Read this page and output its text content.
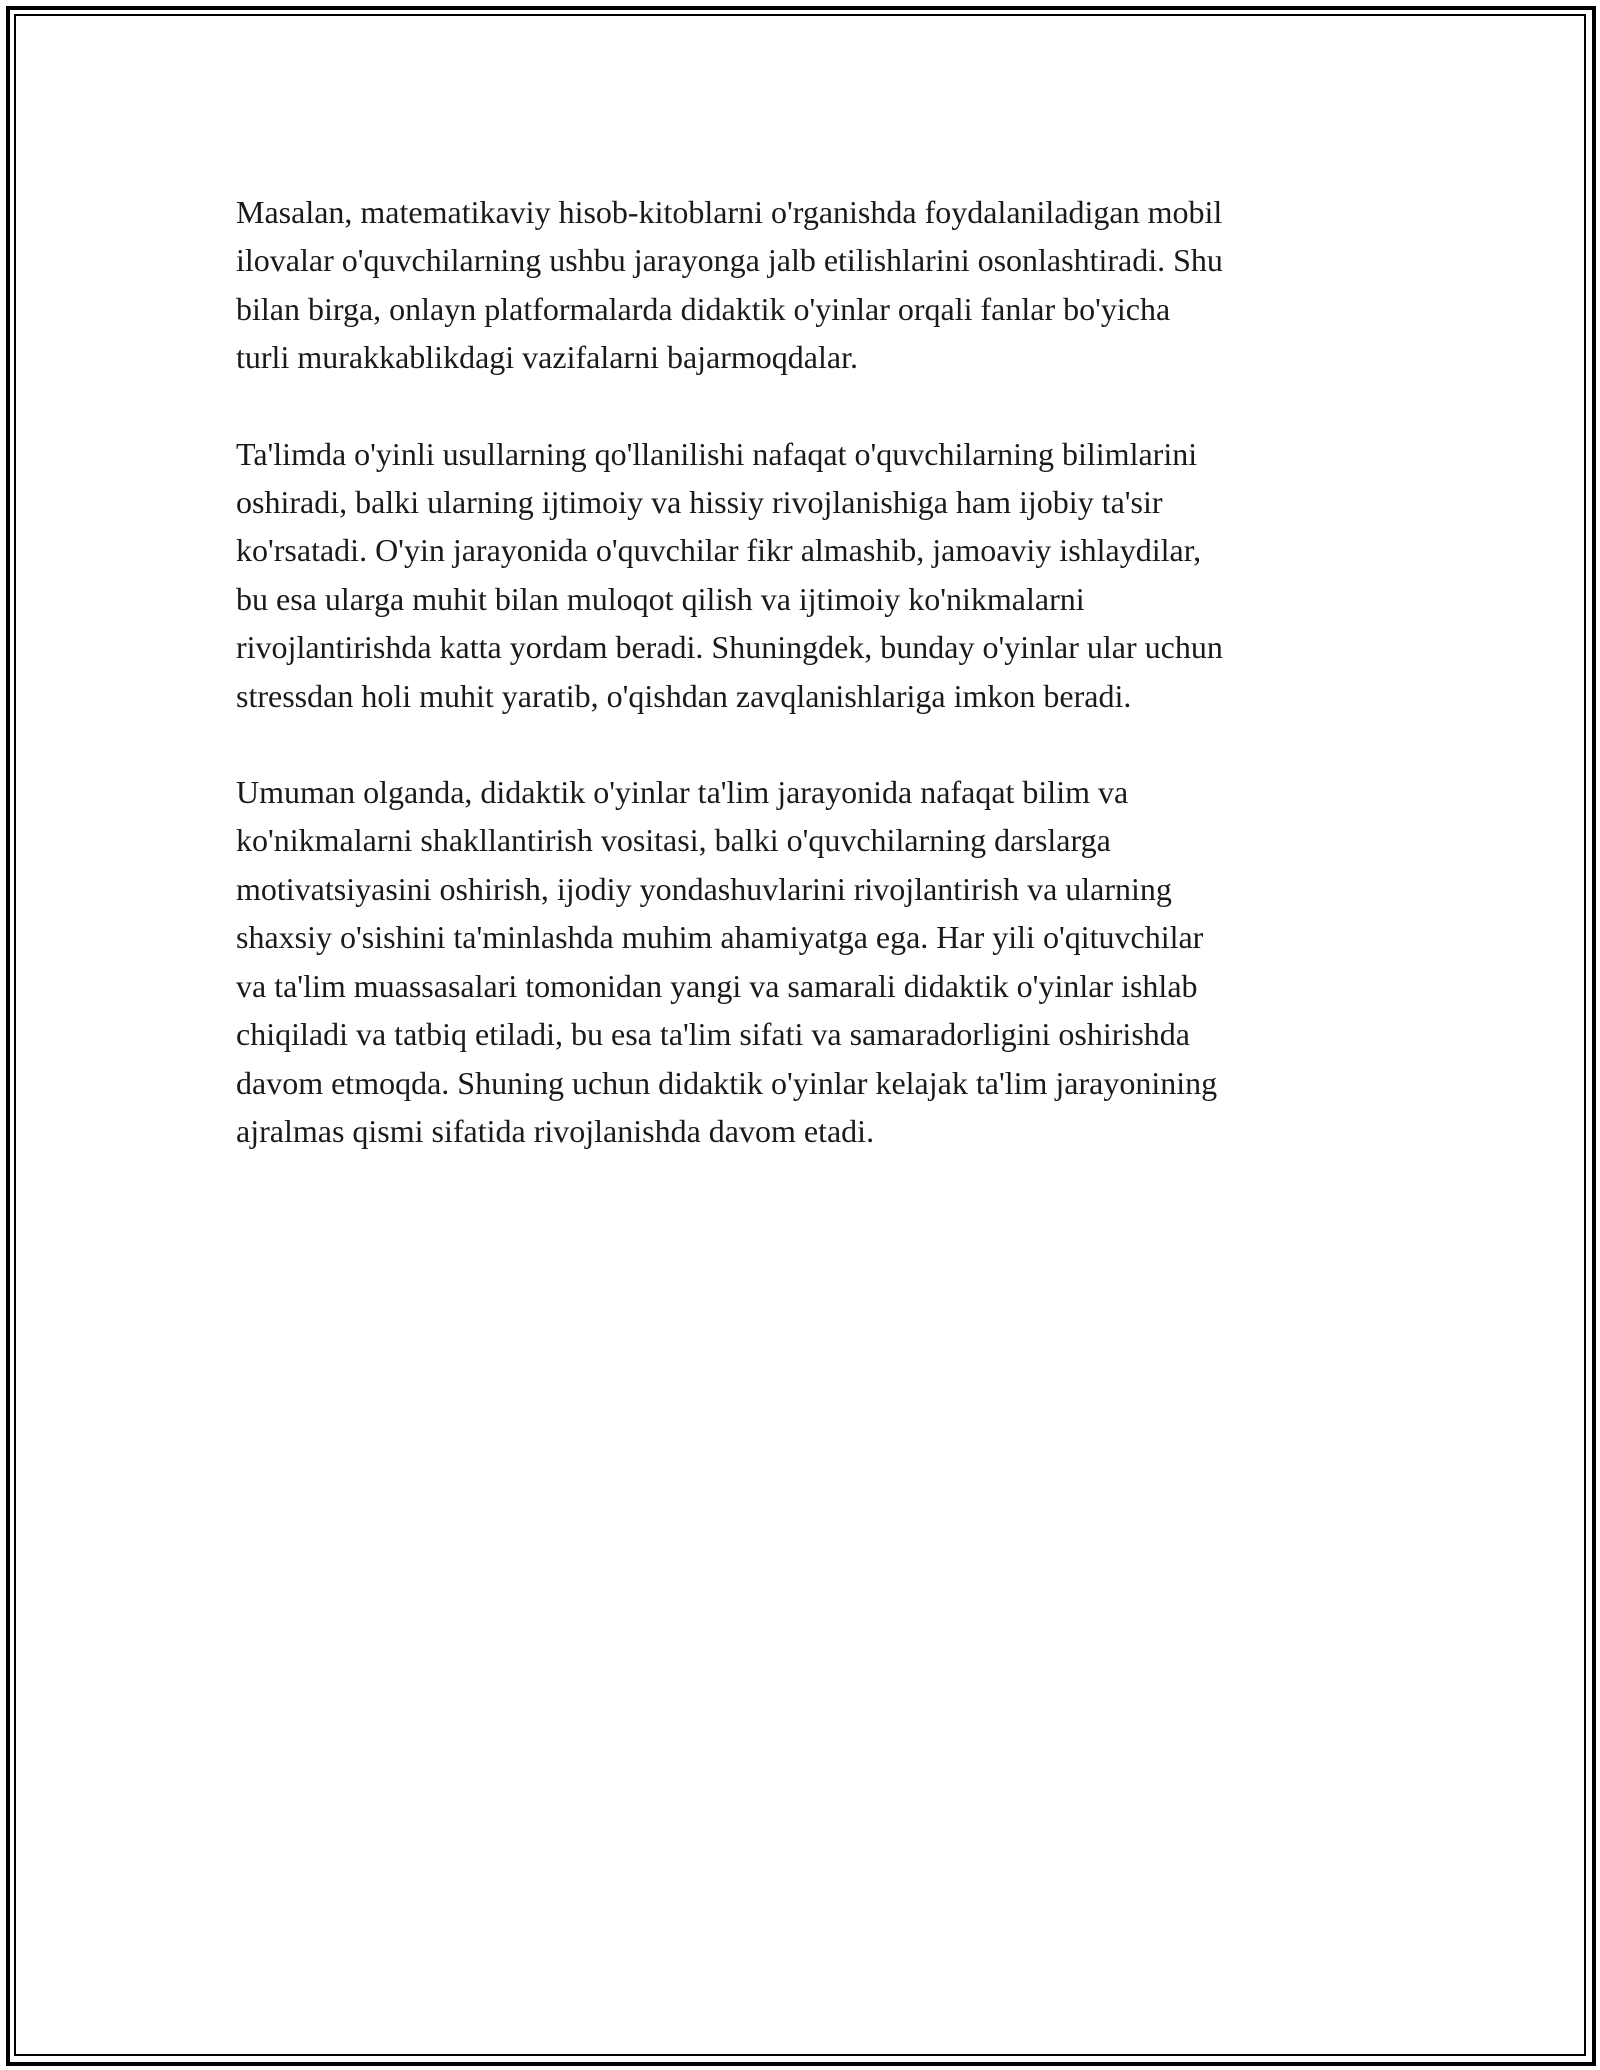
Masalan, matematikaviy hisob-kitoblarni o'rganishda foydalaniladigan mobil
ilovalar o'quvchilarning ushbu jarayonga jalb etilishlarini osonlashtiradi. Shu
bilan birga, onlayn platformalarda didaktik o'yinlar orqali fanlar bo'yicha
turli murakkablikdagi vazifalarni bajarmoqdalar.

Ta'limda o'yinli usullarning qo'llanilishi nafaqat o'quvchilarning bilimlarini
oshiradi, balki ularning ijtimoiy va hissiy rivojlanishiga ham ijobiy ta'sir
ko'rsatadi. O'yin jarayonida o'quvchilar fikr almashib, jamoaviy ishlaydilar,
bu esa ularga muhit bilan muloqot qilish va ijtimoiy ko'nikmalarni
rivojlantirishda katta yordam beradi. Shuningdek, bunday o'yinlar ular uchun
stressdan holi muhit yaratib, o'qishdan zavqlanishlariga imkon beradi.

Umuman olganda, didaktik o'yinlar ta'lim jarayonida nafaqat bilim va
ko'nikmalarni shakllantirish vositasi, balki o'quvchilarning darslarga
motivatsiyasini oshirish, ijodiy yondashuvlarini rivojlantirish va ularning
shaxsiy o'sishini ta'minlashda muhim ahamiyatga ega. Har yili o'qituvchilar
va ta'lim muassasalari tomonidan yangi va samarali didaktik o'yinlar ishlab
chiqiladi va tatbiq etiladi, bu esa ta'lim sifati va samaradorligini oshirishda
davom etmoqda. Shuning uchun didaktik o'yinlar kelajak ta'lim jarayonining
ajralmas qismi sifatida rivojlanishda davom etadi.
